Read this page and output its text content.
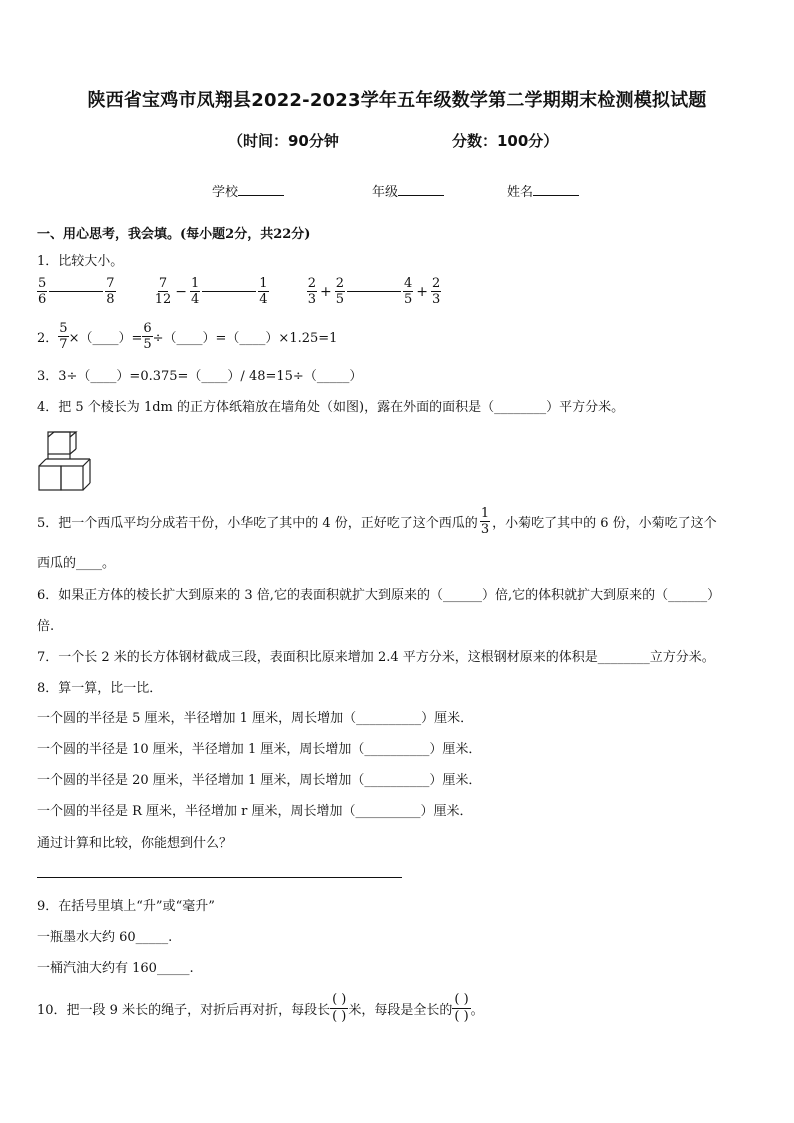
陕西省宝鸡市凤翔县2022-2023学年五年级数学第二学期期末检测模拟试题
（时间：90分钟	分数：100分）
学校	年级	姓名
一、用心思考，我会填。(每小题2分，共22分)
1．比较大小。
$\frac{5}{6}$	$\frac{7}{8}$
	$\frac{7}{12} - \frac{1}{4}$	$\frac{1}{4}$
	$\frac{2}{3} + \frac{2}{5}$	$\frac{4}{5} + \frac{2}{3}$
2． $\frac{5}{7}$ ×（____）= $\frac{6}{5}$ ÷（____）=（____）×1.25=1
3．3÷（____）=0.375=（____）/ 48=15÷（_____）
4．把 5 个棱长为 1dm 的正方体纸箱放在墙角处（如图)，露在外面的面积是（________）平方分米。
5．把一个西瓜平均分成若干份，小华吃了其中的 4 份，正好吃了这个西瓜的 $\frac{1}{3}$ ，小菊吃了其中的 6 份，小菊吃了这个
西瓜的____。
6．如果正方体的棱长扩大到原来的 3 倍,它的表面积就扩大到原来的（______）倍,它的体积就扩大到原来的（______）
倍.
7．一个长 2 米的长方体钢材截成三段，表面积比原来增加 2.4 平方分米，这根钢材原来的体积是________立方分米。
8．算一算，比一比．
一个圆的半径是 5 厘米，半径增加 1 厘米，周长增加（__________）厘米．
一个圆的半径是 10 厘米，半径增加 1 厘米，周长增加（__________）厘米．
一个圆的半径是 20 厘米，半径增加 1 厘米，周长增加（__________）厘米．
一个圆的半径是 R 厘米，半径增加 r 厘米，周长增加（__________）厘米．
通过计算和比较，你能想到什么？
9．在括号里填上“升”或“毫升”
一瓶墨水大约 60_____.
一桶汽油大约有 160_____.
10．把一段 9 米长的绳子，对折后再对折，每段长 $\frac{( )}{( )}$ 米，每段是全长的 $\frac{( )}{( )}$ 。
